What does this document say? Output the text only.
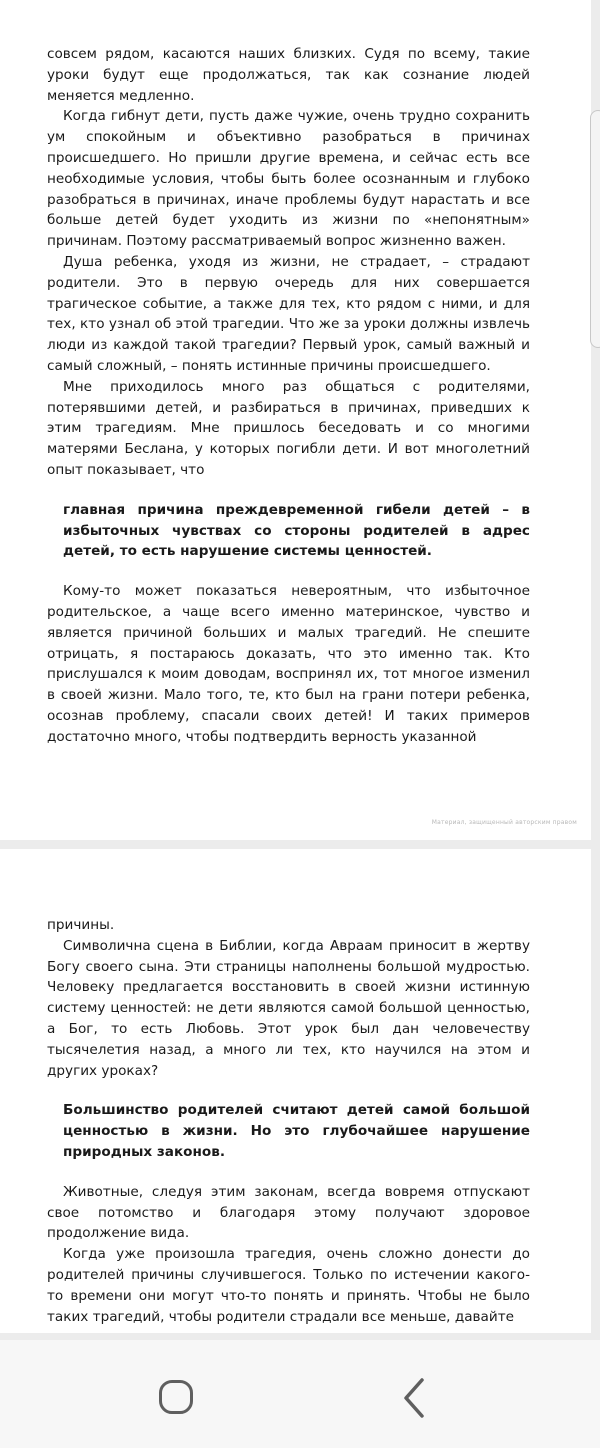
совсем рядом, касаются наших близких. Судя по всему, такие уроки будут еще продолжаться, так как сознание людей меняется медленно.

Когда гибнут дети, пусть даже чужие, очень трудно сохранить ум спокойным и объективно разобраться в причинах происшедшего. Но пришли другие времена, и сейчас есть все необходимые условия, чтобы быть более осознанным и глубоко разобраться в причинах, иначе проблемы будут нарастать и все больше детей будет уходить из жизни по «непонятным» причинам. Поэтому рассматриваемый вопрос жизненно важен.

Душа ребенка, уходя из жизни, не страдает, – страдают родители. Это в первую очередь для них совершается трагическое событие, а также для тех, кто рядом с ними, и для тех, кто узнал об этой трагедии. Что же за уроки должны извлечь люди из каждой такой трагедии? Первый урок, самый важный и самый сложный, – понять истинные причины происшедшего.

Мне приходилось много раз общаться с родителями, потерявшими детей, и разбираться в причинах, приведших к этим трагедиям. Мне пришлось беседовать и со многими матерями Беслана, у которых погибли дети. И вот многолетний опыт показывает, что

главная причина преждевременной гибели детей – в избыточных чувствах со стороны родителей в адрес детей, то есть нарушение системы ценностей.

Кому-то может показаться невероятным, что избыточное родительское, а чаще всего именно материнское, чувство и является причиной больших и малых трагедий. Не спешите отрицать, я постараюсь доказать, что это именно так. Кто прислушался к моим доводам, воспринял их, тот многое изменил в своей жизни. Мало того, те, кто был на грани потери ребенка, осознав проблему, спасали своих детей! И таких примеров достаточно много, чтобы подтвердить верность указанной

Материал, защищенный авторским правом

причины.

Символична сцена в Библии, когда Авраам приносит в жертву Богу своего сына. Эти страницы наполнены большой мудростью. Человеку предлагается восстановить в своей жизни истинную систему ценностей: не дети являются самой большой ценностью, а Бог, то есть Любовь. Этот урок был дан человечеству тысячелетия назад, а много ли тех, кто научился на этом и других уроках?

Большинство родителей считают детей самой большой ценностью в жизни. Но это глубочайшее нарушение природных законов.

Животные, следуя этим законам, всегда вовремя отпускают свое потомство и благодаря этому получают здоровое продолжение вида.

Когда уже произошла трагедия, очень сложно донести до родителей причины случившегося. Только по истечении какого-то времени они могут что-то понять и принять. Чтобы не было таких трагедий, чтобы родители страдали все меньше, давайте
